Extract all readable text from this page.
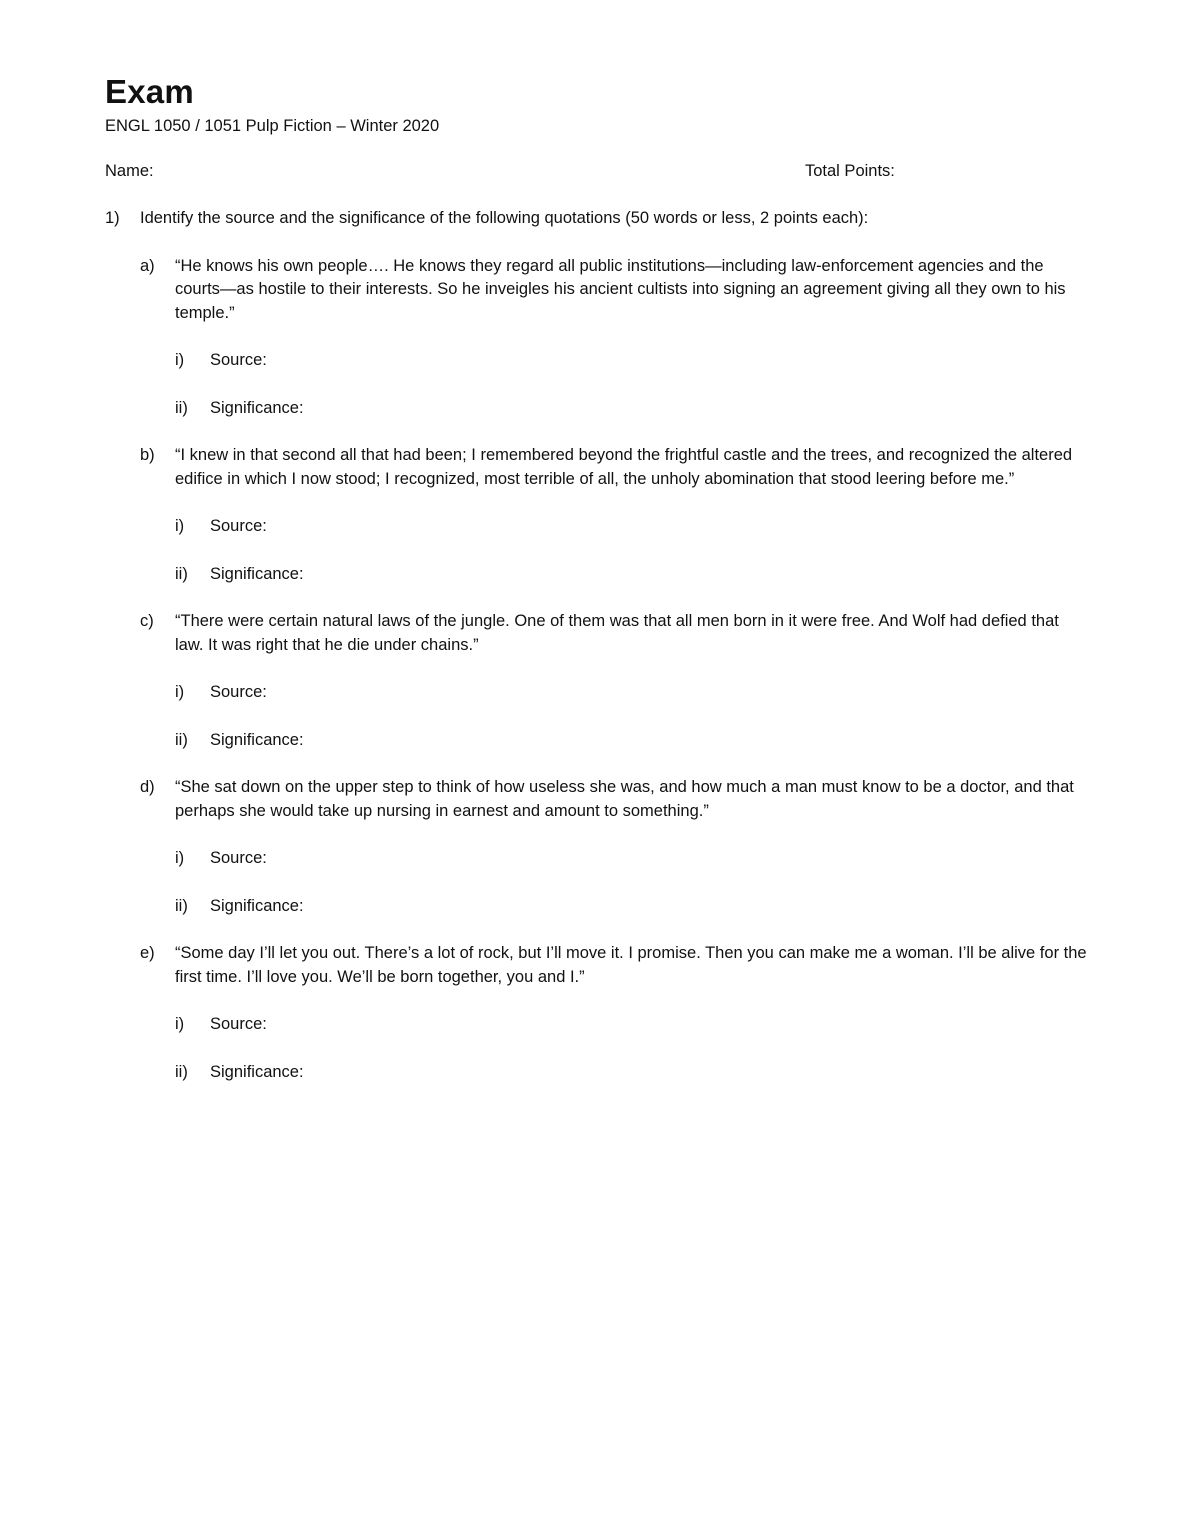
Exam
ENGL 1050 / 1051 Pulp Fiction – Winter 2020
Name:	Total Points:
1) Identify the source and the significance of the following quotations (50 words or less, 2 points each):
a) “He knows his own people…. He knows they regard all public institutions—including law-enforcement agencies and the courts—as hostile to their interests. So he inveigles his ancient cultists into signing an agreement giving all they own to his temple.”
i) Source:
ii) Significance:
b) “I knew in that second all that had been; I remembered beyond the frightful castle and the trees, and recognized the altered edifice in which I now stood; I recognized, most terrible of all, the unholy abomination that stood leering before me.”
i) Source:
ii) Significance:
c) “There were certain natural laws of the jungle. One of them was that all men born in it were free. And Wolf had defied that law. It was right that he die under chains.”
i) Source:
ii) Significance:
d) “She sat down on the upper step to think of how useless she was, and how much a man must know to be a doctor, and that perhaps she would take up nursing in earnest and amount to something.”
i) Source:
ii) Significance:
e) “Some day I’ll let you out. There’s a lot of rock, but I’ll move it. I promise. Then you can make me a woman. I’ll be alive for the first time. I’ll love you. We’ll be born together, you and I.”
i) Source:
ii) Significance:
